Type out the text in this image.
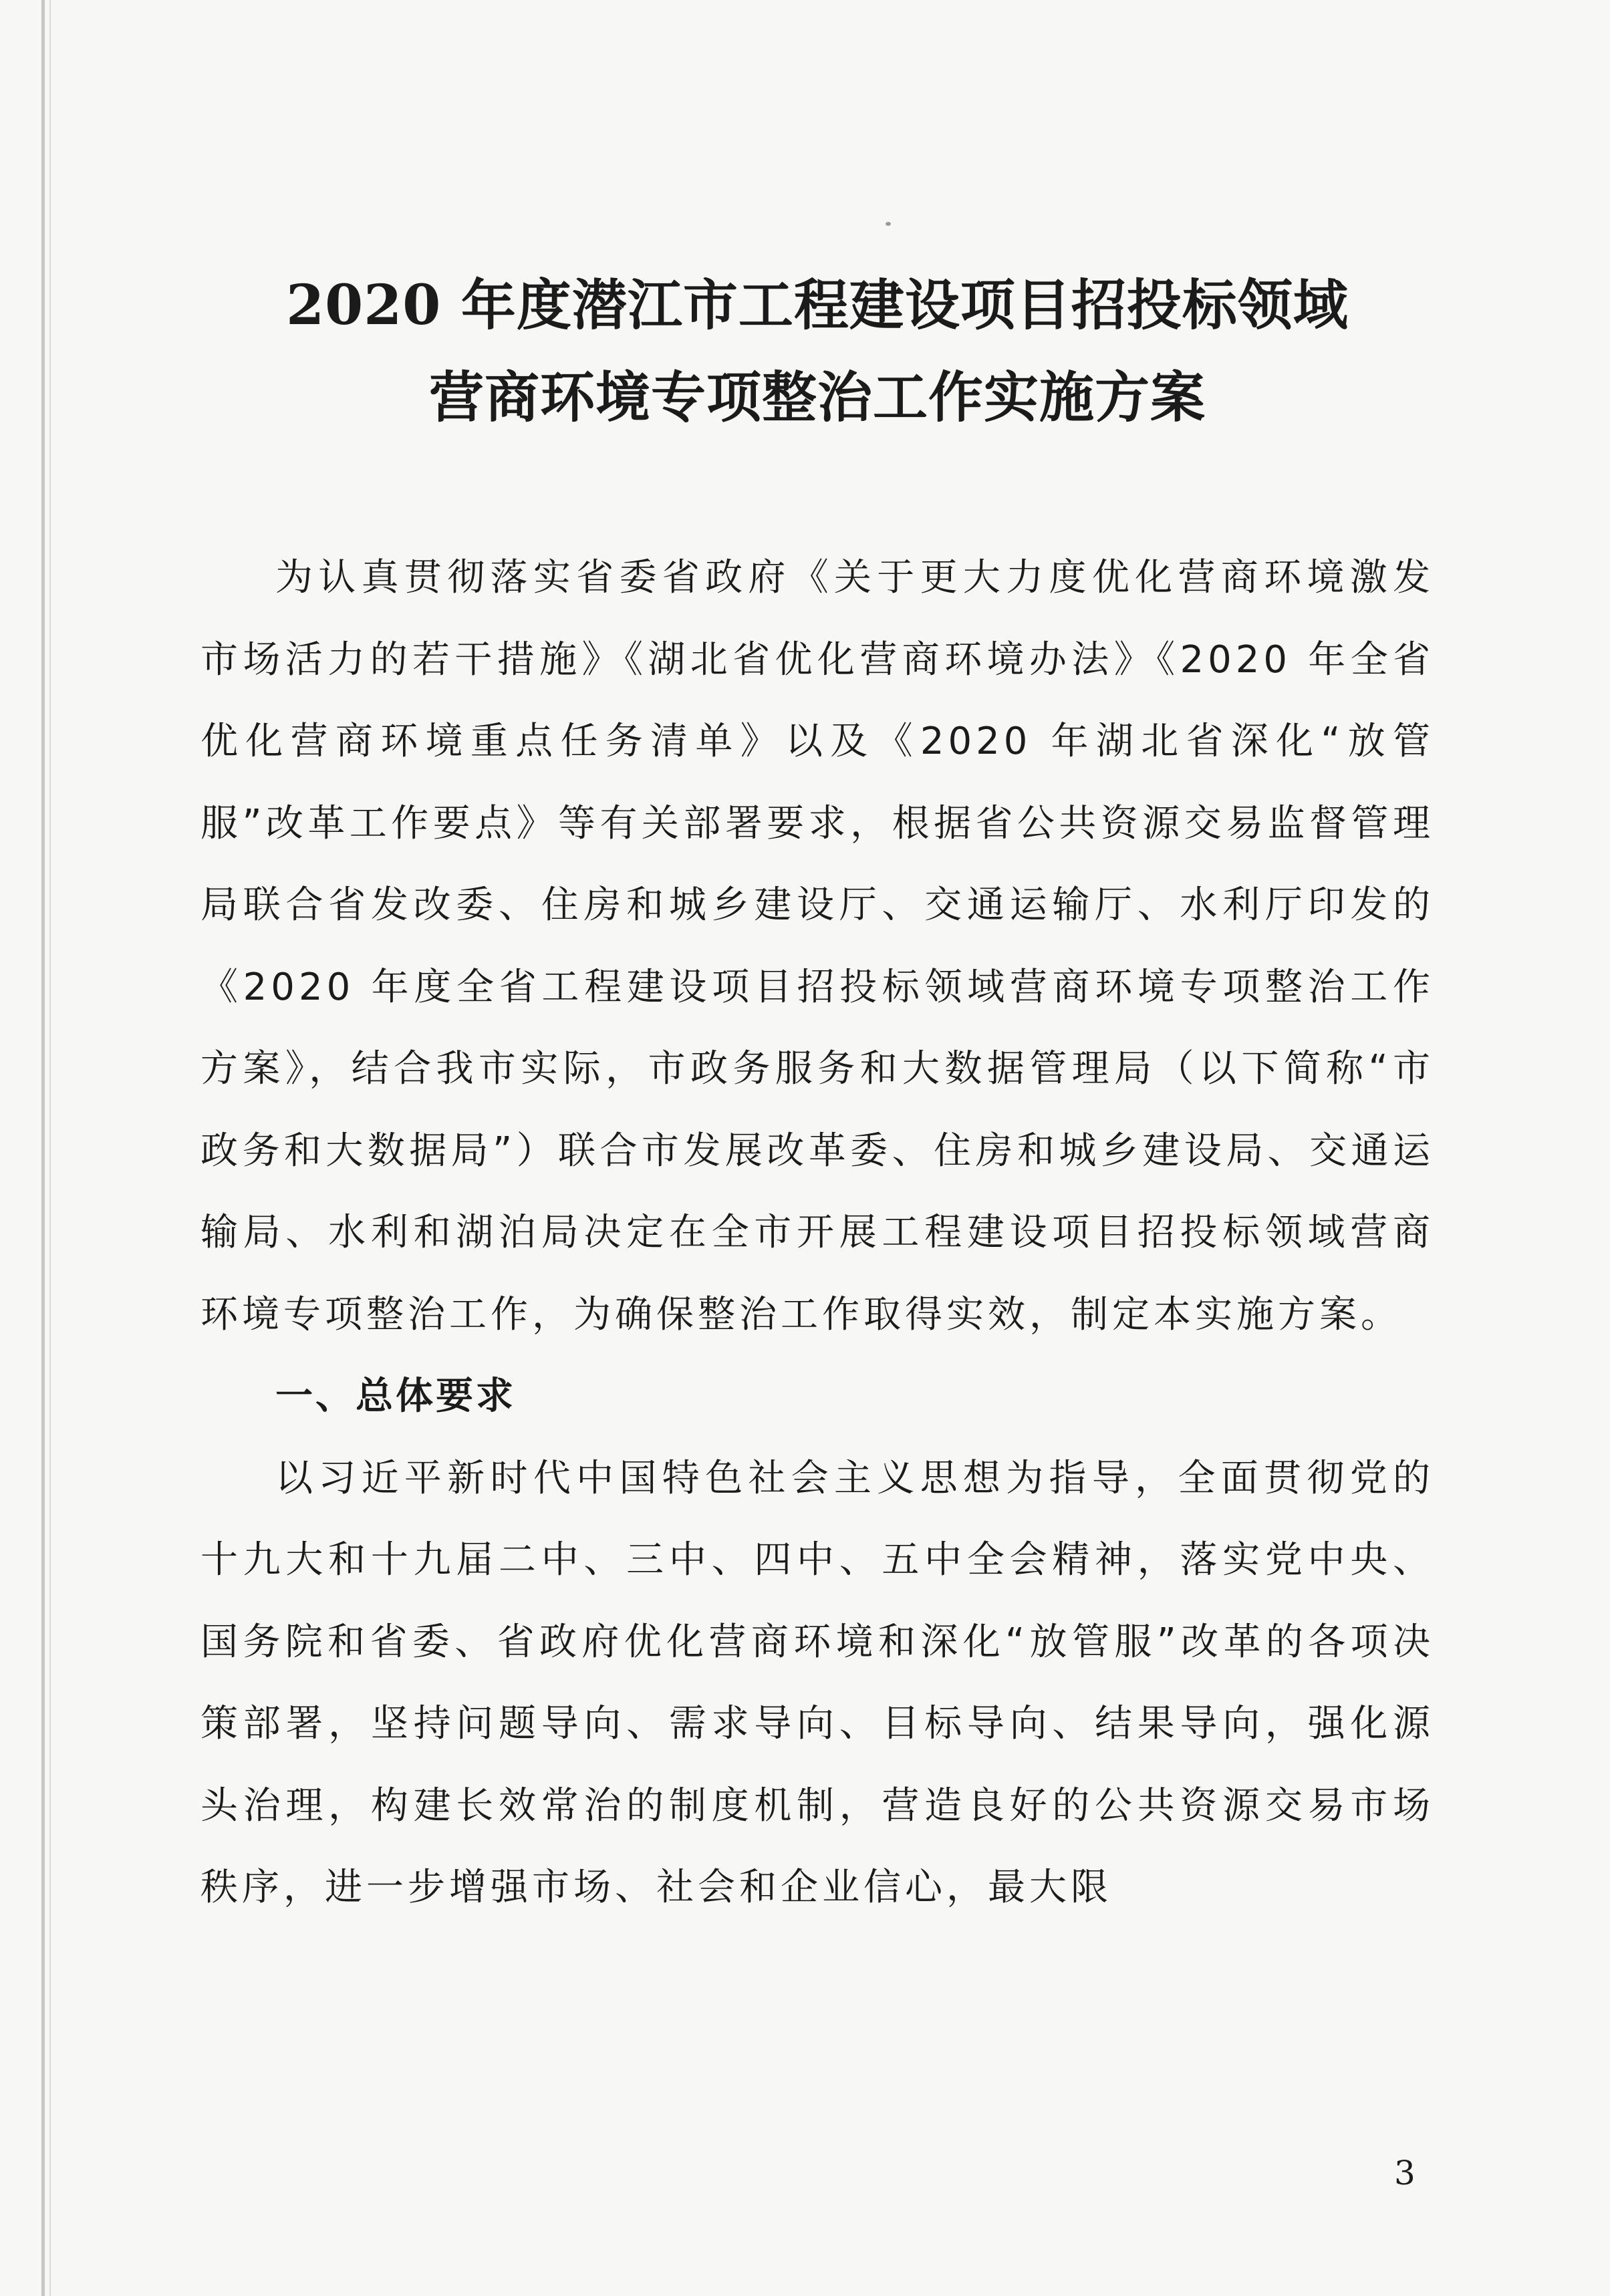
2020 年度潜江市工程建设项目招投标领域
营商环境专项整治工作实施方案

为认真贯彻落实省委省政府《关于更大力度优化营商环境激发市场活力的若干措施》《湖北省优化营商环境办法》《2020 年全省优化营商环境重点任务清单》以及《2020 年湖北省深化“放管服”改革工作要点》等有关部署要求，根据省公共资源交易监督管理局联合省发改委、住房和城乡建设厅、交通运输厅、水利厅印发的《2020 年度全省工程建设项目招投标领域营商环境专项整治工作方案》，结合我市实际，市政务服务和大数据管理局（以下简称“市政务和大数据局”）联合市发展改革委、住房和城乡建设局、交通运输局、水利和湖泊局决定在全市开展工程建设项目招投标领域营商环境专项整治工作，为确保整治工作取得实效，制定本实施方案。

一、总体要求

以习近平新时代中国特色社会主义思想为指导，全面贯彻党的十九大和十九届二中、三中、四中、五中全会精神，落实党中央、国务院和省委、省政府优化营商环境和深化“放管服”改革的各项决策部署，坚持问题导向、需求导向、目标导向、结果导向，强化源头治理，构建长效常治的制度机制，营造良好的公共资源交易市场秩序，进一步增强市场、社会和企业信心，最大限

3
